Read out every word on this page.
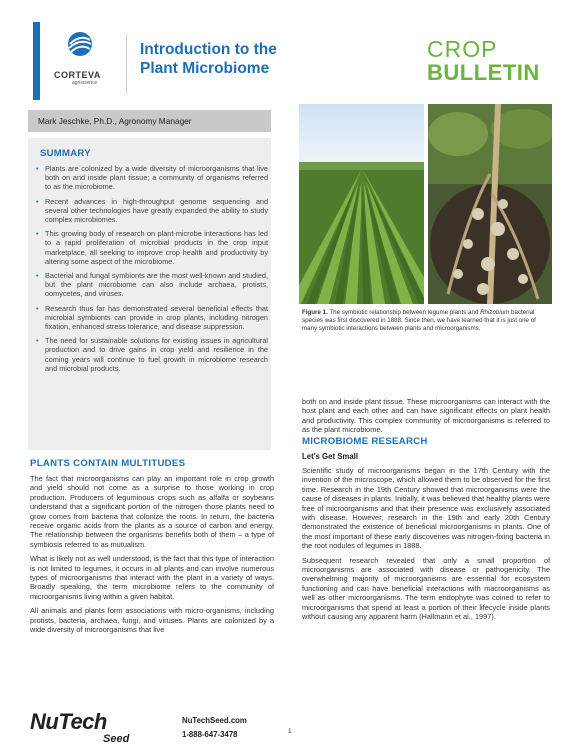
CORTEVA
agriscience
Introduction to the Plant Microbiome
CROP
BULLETIN
Mark Jeschke, Ph.D., Agronomy Manager
SUMMARY
• Plants are colonized by a wide diversity of microorganisms that live both on and inside plant tissue; a community of organisms referred to as the microbiome.
• Recent advances in high-throughput genome sequencing and several other technologies have greatly expanded the ability to study complex microbiomes.
• This growing body of research on plant-microbe interactions has led to a rapid proliferation of microbial products in the crop input marketplace, all seeking to improve crop health and productivity by altering some aspect of the microbiome.
• Bacterial and fungal symbionts are the most well-known and studied, but the plant microbiome can also include archaea, protists, oomycetes, and viruses.
• Research thus far has demonstrated several beneficial effects that microbial symbionts can provide in crop plants, including nitrogen fixation, enhanced stress tolerance, and disease suppression.
• The need for sustainable solutions for existing issues in agricultural production and to drive gains in crop yield and resilience in the coming years will continue to fuel growth in microbiome research and microbial products.
PLANTS CONTAIN MULTITUDES

The fact that microorganisms can play an important role in crop growth and yield should not come as a surprise to those working in crop production. Producers of leguminous crops such as alfalfa or soybeans understand that a significant portion of the nitrogen those plants need to grow comes from bacteria that colonize the roots. In return, the bacteria receive organic acids from the plants as a source of carbon and energy. The relationship between the organisms benefits both of them – a type of symbiosis referred to as mutualism.

What is likely not as well understood, is the fact that this type of interaction is not limited to legumes, it occurs in all plants and can involve numerous types of microorganisms that interact with the plant in a variety of ways. Broadly speaking, the term microbiome refers to the community of microorganisms living within a given habitat.

All animals and plants form associations with micro-organisms, including protists, bacteria, archaea, fungi, and viruses. Plants are colonized by a wide diversity of microorganisms that live

Figure 1. The symbiotic relationship between legume plants and Rhizobium bacterial species was first discovered in 1888. Since then, we have learned that it is just one of many symbiotic interactions between plants and microorganisms.

both on and inside plant tissue. These microorganisms can interact with the host plant and each other and can have significant effects on plant health and productivity. This complex community of microorganisms is referred to as the plant microbiome.

MICROBIOME RESEARCH
Let's Get Small

Scientific study of microorganisms began in the 17th Century with the invention of the microscope, which allowed them to be observed for the first time. Research in the 19th Century showed that microorganisms were the cause of diseases in plants. Initially, it was believed that healthy plants were free of microorganisms and that their presence was exclusively associated with disease. However, research in the 19th and early 20th Century demonstrated the existence of beneficial microorganisms in plants. One of the most important of these early discoveries was nitrogen-fixing bacteria in the root nodules of legumes in 1888.

Subsequent research revealed that only a small proportion of microorganisms are associated with disease or pathogenicity. The overwhelming majority of microorganisms are essential for ecosystem functioning and can have beneficial interactions with macroorganisms as well as other microorganisms. The term endophyte was coined to refer to microorganisms that spend at least a portion of their lifecycle inside plants without causing any apparent harm (Hallmann et al., 1997).

NuTech
Seed
NuTechSeed.com
1-888-647-3478	1
